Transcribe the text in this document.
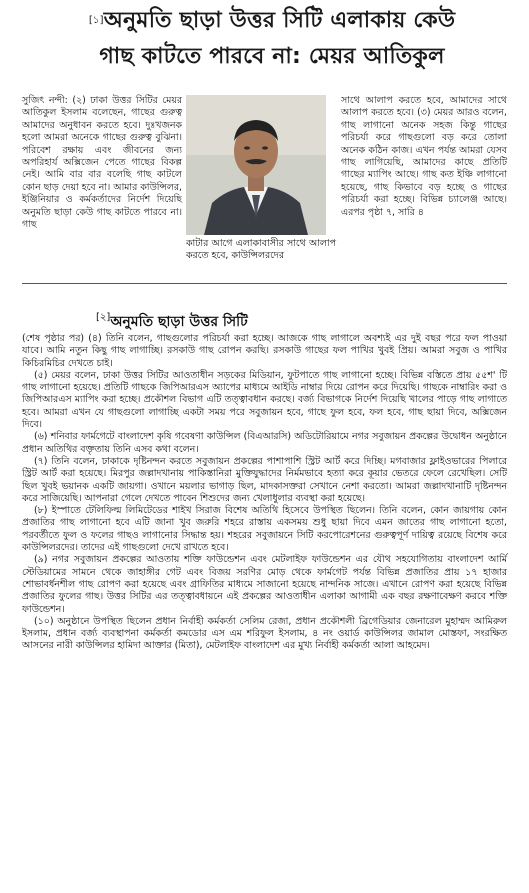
[১]অনুমতি ছাড়া উত্তর সিটি এলাকায় কেউ
গাছ কাটতে পারবে না: মেয়র আতিকুল
সুজিৎ নন্দী: (২) ঢাকা উত্তর সিটির মেয়র আতিকুল ইসলাম বলেছেন, গাছের গুরুত্ব আমাদের অনুধাবন করতে হবে। দুঃখজনক হলো আমরা অনেকে গাছের গুরুত্ব বুঝিনা। পরিবেশ রক্ষায় এবং জীবনের জন্য অপরিহার্য অক্সিজেন পেতে গাছের বিকল্প নেই। আমি বার বার বলেছি গাছ কাটলে কোন ছাড় দেয়া হবে না। আমার কাউন্সিলর, ইঞ্জিনিয়ার ও কর্মকর্তাদের নির্দেশ দিয়েছি অনুমতি ছাড়া কেউ গাছ কাটতে পারবে না। গাছ
কাটার আগে এলাকাবাসীর সাথে আলাপ করতে হবে, কাউন্সিলরদের
সাথে আলাপ করতে হবে, আমাদের সাথে আলাপ করতে হবে। (৩) মেয়র আরও বলেন, গাছ লাগানো অনেক সহজ কিন্তু গাছের পরিচর্যা করে গাছগুলো বড় করে তোলা অনেক কঠিন কাজ। এখন পর্যন্ত আমরা যেসব গাছ লাগিয়েছি, আমাদের কাছে প্রতিটি গাছের ম্যাপিং আছে। গাছ কত ইঞ্চি লাগানো হয়েছে, গাছ কিভাবে বড় হচ্ছে ও গাছের পরিচর্যা করা হচ্ছে। বিভিন্ন চ্যালেঞ্জ আছে। এরপর পৃষ্ঠা ৭, সারি ৪
[২]অনুমতি ছাড়া উত্তর সিটি

(শেষ পৃষ্ঠার পর) (৪) তিনি বলেন, গাছগুলোর পরিচর্যা করা হচ্ছে। আজকে গাছ লাগালে অবশ্যই এর দুই বছর পরে ফল পাওয়া যাবে। আমি নতুন কিছু গাছ লাগাচ্ছি। রসকাউ গাছ রোপন করছি। রসকাউ গাছের ফল পাখির খুবই প্রিয়। আমরা সবুজ ও পাখির কিচিরমিচির দেখতে চাই।

(৫) মেয়র বলেন, ঢাকা উত্তর সিটির আওতাধীন সড়কের মিডিয়ান, ফুটপাতে গাছ লাগানো হচ্ছে। বিভিন্ন বস্তিতে প্রায় ৫৫শ' টি গাছ লাগানো হয়েছে। প্রতিটি গাছকে জিপিআরএস অ্যাপের মাধ্যমে আইডি নাম্বার দিয়ে রোপন করে দিয়েছি। গাছকে নাম্বারিং করা ও জিপিআরএস ম্যাপিং করা হচ্ছে। প্রকৌশল বিভাগ এটি তত্ত্বাবধান করছে। বর্জ্য বিভাগকে নির্দেশ দিয়েছি খালের পাড়ে গাছ লাগাতে হবে। আমরা এখন যে গাছগুলো লাগাচ্ছি একটা সময় পরে সবুজায়ন হবে, গাছে ফুল হবে, ফল হবে, গাছ ছায়া দিবে, অক্সিজেন দিবে।

(৬) শনিবার ফার্মগেটে বাংলাদেশ কৃষি গবেষণা কাউন্সিল (বিএআরসি) অডিটোরিয়ামে নগর সবুজায়ন প্রকল্পের উদ্বোধন অনুষ্ঠানে প্রধান অতিথির বক্তৃতায় তিনি এসব কথা বলেন।

(৭) তিনি বলেন, ঢাকাকে দৃষ্টিনন্দন করতে সবুজায়ন প্রকল্পের পাশাপাশি স্ট্রিট আর্ট করে দিচ্ছি। মগবাজার ফ্লাইওভারের পিলারে স্ট্রিট আর্ট করা হয়েছে। মিরপুর জল্লাদখানায় পাকিস্তানিরা মুক্তিযুদ্ধাদের নির্মমভাবে হত্যা করে কূয়ার ভেতরে ফেলে রেখেছিল। সেটি ছিল খুবই ভয়ানক একটি জায়গা। ওখানে ময়লার ভাগাড় ছিল, মাদকাসক্তরা সেখানে নেশা করতো। আমরা জল্লাদখানাটি দৃষ্টিনন্দন করে সাজিয়েছি। আপনারা গেলে দেখতে পাবেন শিশুদের জন্য খেলাধুলার ব্যবস্থা করা হয়েছে।

(৮) ইস্পাতে টেলিফিল্ম লিমিটেডের শাইখ সিরাজ বিশেষ অতিথি হিসেবে উপস্থিত ছিলেন। তিনি বলেন, কোন জায়গায় কোন প্রজাতির গাছ লাগানো হবে এটি জানা খুব জরুরি শহরে রাস্তায় একসময় শুধু ছায়া দিবে এমন জাতের গাছ লাগানো হতো, পরবর্তীতে ফুল ও ফলের গাছও লাগানোর সিদ্ধান্ত হয়। শহরের সবুজায়নে সিটি করপোরেশনের গুরুত্বপূর্ণ দায়িত্ব রয়েছে বিশেষ করে কাউন্সিলরদের। তাদের এই গাছগুলো দেখে রাখতে হবে।

(৯) নগর সবুজায়ন প্রকল্পের আওতায় শক্তি ফাউন্ডেশন এবং মেটলাইফ ফাউন্ডেশন এর যৌথ সহযোগিতায় বাংলাদেশ আর্মি স্টেডিয়ামের সামনে থেকে জাহাঙ্গীর গেট এবং বিজয় সরণির মোড় থেকে ফার্মগেট পর্যন্ত বিভিন্ন প্রজাতির প্রায় ১৭ হাজার শোভাবর্ধনশীল গাছ রোপণ করা হয়েছে এবং গ্রাফিতির মাধ্যমে সাজানো হয়েছে নান্দনিক সাজে। এখানে রোপণ করা হয়েছে বিভিন্ন প্রজাতির ফুলের গাছ। উত্তর সিটির এর তত্ত্বাবধায়নে এই প্রকল্পের আওতাধীন এলাকা আগামী এক বছর রক্ষণাবেক্ষণ করবে শক্তি ফাউন্ডেশন।

(১০) অনুষ্ঠানে উপস্থিত ছিলেন প্রধান নির্বাহী কর্মকর্তা সেলিম রেজা, প্রধান প্রকৌশলী ব্রিগেডিয়ার জেনারেল মুহাম্মদ আমিরুল ইসলাম, প্রধান বর্জ্য ব্যবস্থাপনা কর্মকর্তা কমডোর এস এম শরিফুল ইসলাম, ৪ নং ওয়ার্ড কাউন্সিলর জামাল মোস্তফা, সংরক্ষিত আসনের নারী কাউন্সিলর হামিদা আক্তার (মিতা), মেটলাইফ বাংলাদেশ এর মুখ্য নির্বাহী কর্মকর্তা আলা আহমেদ।
